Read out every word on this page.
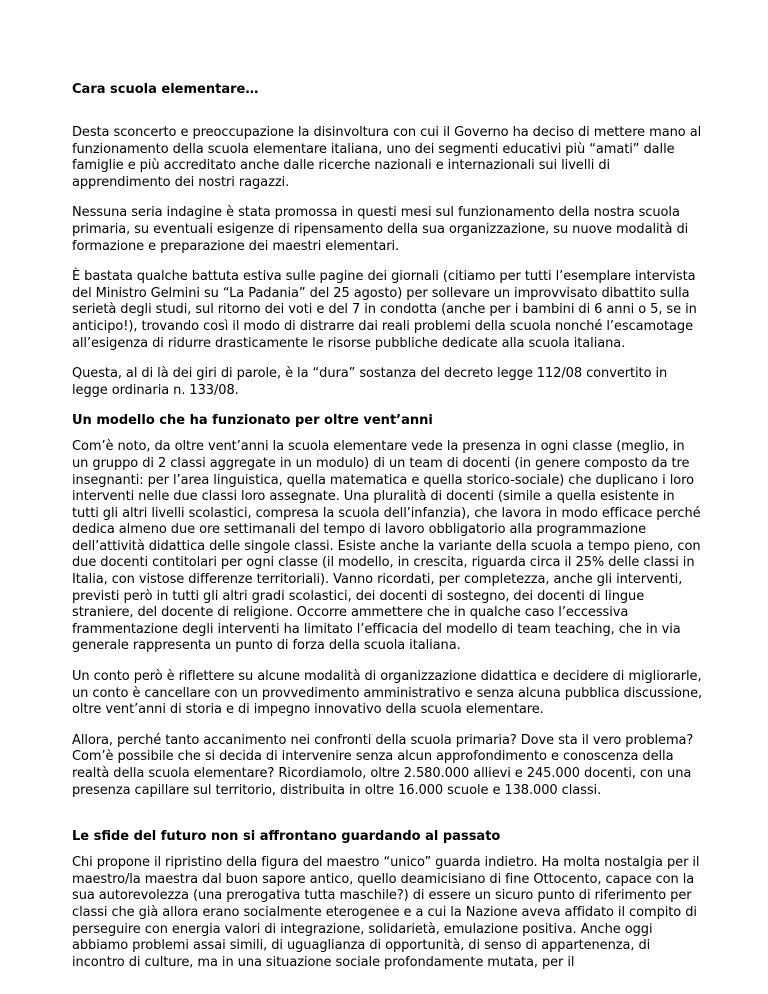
Cara scuola elementare…

Desta sconcerto e preoccupazione la disinvoltura con cui il Governo ha deciso di mettere mano al funzionamento della scuola elementare italiana, uno dei segmenti educativi più “amati” dalle famiglie e più accreditato anche dalle ricerche nazionali e internazionali sui livelli di apprendimento dei nostri ragazzi.

Nessuna seria indagine è stata promossa in questi mesi sul funzionamento della nostra scuola primaria, su eventuali esigenze di ripensamento della sua organizzazione, su nuove modalità di formazione e preparazione dei maestri elementari.

È bastata qualche battuta estiva sulle pagine dei giornali (citiamo per tutti l’esemplare intervista del Ministro Gelmini su “La Padania” del 25 agosto) per sollevare un improvvisato dibattito sulla serietà degli studi, sul ritorno dei voti e del 7 in condotta (anche per i bambini di 6 anni o 5, se in anticipo!), trovando così il modo di distrarre dai reali problemi della scuola nonché l’escamotage all’esigenza di ridurre drasticamente le risorse pubbliche dedicate alla scuola italiana.

Questa, al di là dei giri di parole, è la “dura” sostanza del decreto legge 112/08 convertito in legge ordinaria n. 133/08.

Un modello che ha funzionato per oltre vent’anni

Com’è noto, da oltre vent’anni la scuola elementare vede la presenza in ogni classe (meglio, in un gruppo di 2 classi aggregate in un modulo) di un team di docenti (in genere composto da tre insegnanti: per l’area linguistica, quella matematica e quella storico-sociale) che duplicano i loro interventi nelle due classi loro assegnate. Una pluralità di docenti (simile a quella esistente in tutti gli altri livelli scolastici, compresa la scuola dell’infanzia), che lavora in modo efficace perché dedica almeno due ore settimanali del tempo di lavoro obbligatorio alla programmazione dell’attività didattica delle singole classi. Esiste anche la variante della scuola a tempo pieno, con due docenti contitolari per ogni classe (il modello, in crescita, riguarda circa il 25% delle classi in Italia, con vistose differenze territoriali). Vanno ricordati, per completezza, anche gli interventi, previsti però in tutti gli altri gradi scolastici, dei docenti di sostegno, dei docenti di lingue straniere, del docente di religione. Occorre ammettere che in qualche caso l’eccessiva frammentazione degli interventi ha limitato l’efficacia del modello di team teaching, che in via generale rappresenta un punto di forza della scuola italiana.

Un conto però è riflettere su alcune modalità di organizzazione didattica e decidere di migliorarle, un conto è cancellare con un provvedimento amministrativo e senza alcuna pubblica discussione, oltre vent’anni di storia e di impegno innovativo della scuola elementare.

Allora, perché tanto accanimento nei confronti della scuola primaria? Dove sta il vero problema? Com’è possibile che si decida di intervenire senza alcun approfondimento e conoscenza della realtà della scuola elementare? Ricordiamolo, oltre 2.580.000 allievi e 245.000 docenti, con una presenza capillare sul territorio, distribuita in oltre 16.000 scuole e 138.000 classi.

Le sfide del futuro non si affrontano guardando al passato

Chi propone il ripristino della figura del maestro “unico” guarda indietro. Ha molta nostalgia per il maestro/la maestra dal buon sapore antico, quello deamicisiano di fine Ottocento, capace con la sua autorevolezza (una prerogativa tutta maschile?) di essere un sicuro punto di riferimento per classi che già allora erano socialmente eterogenee e a cui la Nazione aveva affidato il compito di perseguire con energia valori di integrazione, solidarietà, emulazione positiva. Anche oggi abbiamo problemi assai simili, di uguaglianza di opportunità, di senso di appartenenza, di incontro di culture, ma in una situazione sociale profondamente mutata, per il
